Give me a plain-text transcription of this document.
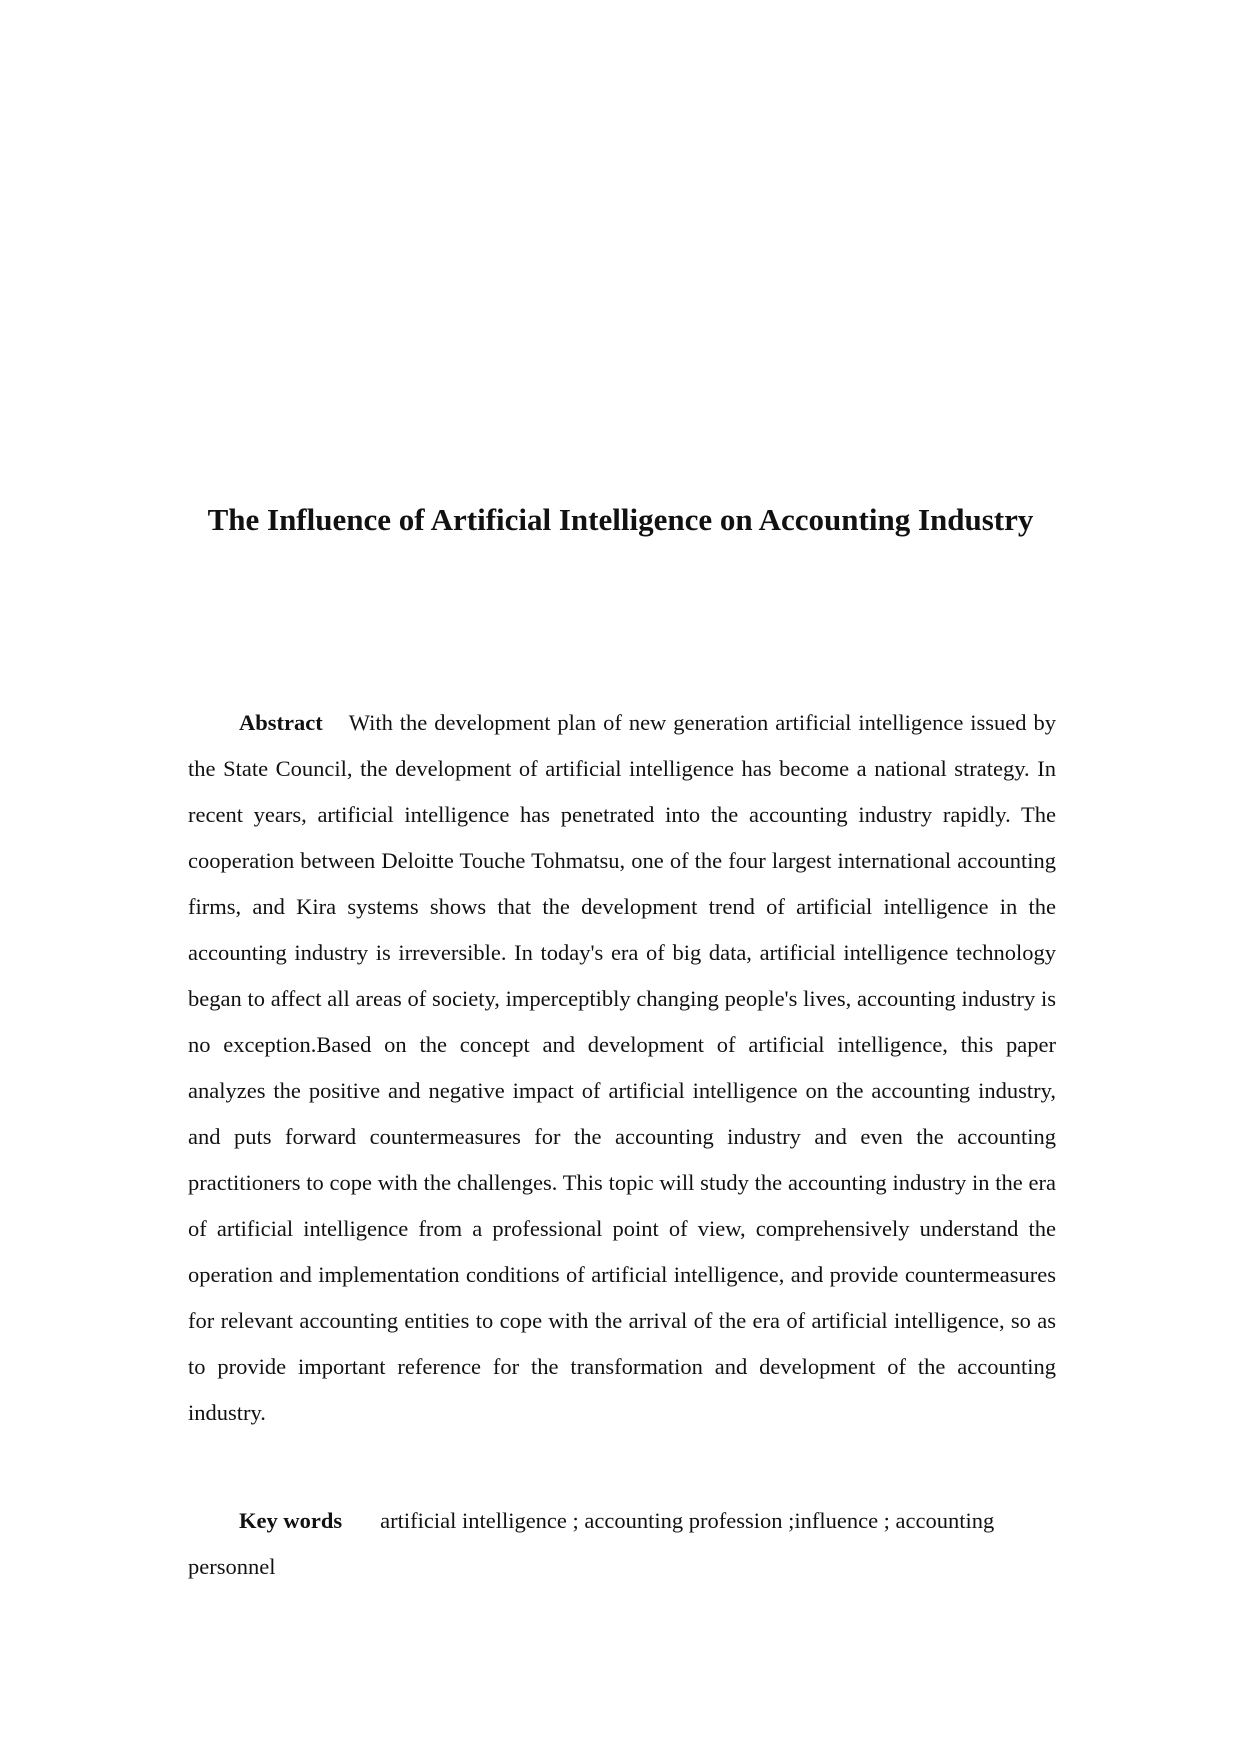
The Influence of Artificial Intelligence on Accounting Industry

Abstract With the development plan of new generation artificial intelligence issued by the State Council, the development of artificial intelligence has become a national strategy. In recent years, artificial intelligence has penetrated into the accounting industry rapidly. The cooperation between Deloitte Touche Tohmatsu, one of the four largest international accounting firms, and Kira systems shows that the development trend of artificial intelligence in the accounting industry is irreversible. In today's era of big data, artificial intelligence technology began to affect all areas of society, imperceptibly changing people's lives, accounting industry is no exception.Based on the concept and development of artificial intelligence, this paper analyzes the positive and negative impact of artificial intelligence on the accounting industry, and puts forward countermeasures for the accounting industry and even the accounting practitioners to cope with the challenges. This topic will study the accounting industry in the era of artificial intelligence from a professional point of view, comprehensively understand the operation and implementation conditions of artificial intelligence, and provide countermeasures for relevant accounting entities to cope with the arrival of the era of artificial intelligence, so as to provide important reference for the transformation and development of the accounting industry.

Key words artificial intelligence ; accounting profession ;influence ; accounting personnel
